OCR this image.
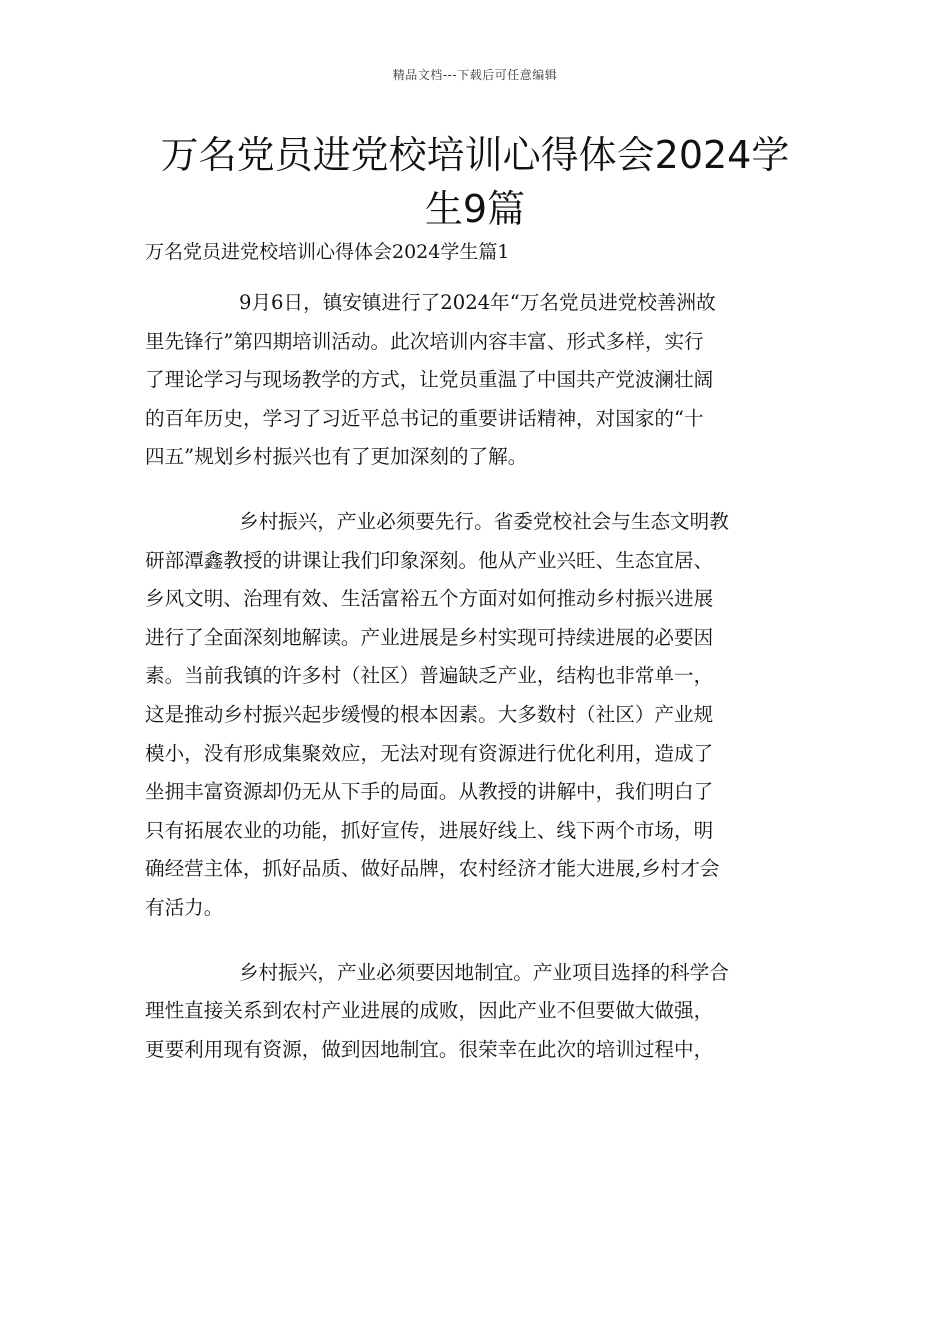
精品文档---下载后可任意编辑
万名党员进党校培训心得体会2024学
生9篇
万名党员进党校培训心得体会2024学生篇1

9月6日，镇安镇进行了2024年“万名党员进党校善洲故
里先锋行”第四期培训活动。此次培训内容丰富、形式多样，实行
了理论学习与现场教学的方式，让党员重温了中国共产党波澜壮阔
的百年历史，学习了习近平总书记的重要讲话精神，对国家的“十
四五”规划乡村振兴也有了更加深刻的了解。

乡村振兴，产业必须要先行。省委党校社会与生态文明教
研部潭鑫教授的讲课让我们印象深刻。他从产业兴旺、生态宜居、
乡风文明、治理有效、生活富裕五个方面对如何推动乡村振兴进展
进行了全面深刻地解读。产业进展是乡村实现可持续进展的必要因
素。当前我镇的许多村（社区）普遍缺乏产业，结构也非常单一，
这是推动乡村振兴起步缓慢的根本因素。大多数村（社区）产业规
模小，没有形成集聚效应，无法对现有资源进行优化利用，造成了
坐拥丰富资源却仍无从下手的局面。从教授的讲解中，我们明白了
只有拓展农业的功能，抓好宣传，进展好线上、线下两个市场，明
确经营主体，抓好品质、做好品牌，农村经济才能大进展,乡村才会
有活力。

乡村振兴，产业必须要因地制宜。产业项目选择的科学合
理性直接关系到农村产业进展的成败，因此产业不但要做大做强，
更要利用现有资源，做到因地制宜。很荣幸在此次的培训过程中，
